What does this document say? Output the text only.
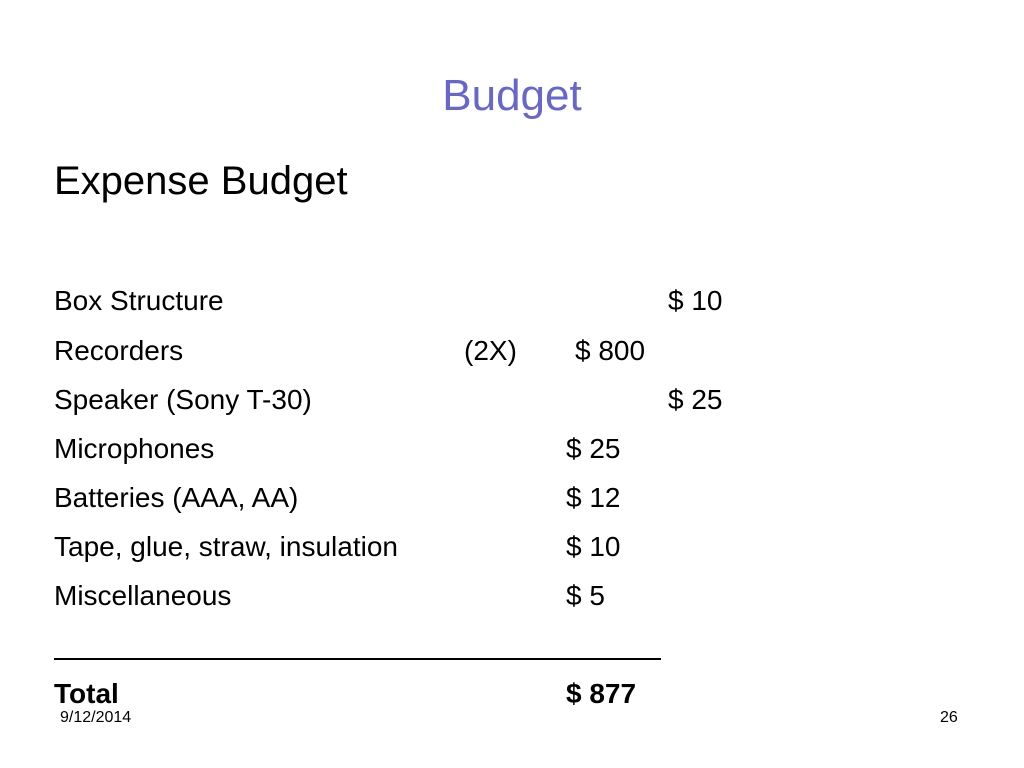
Budget
Expense Budget
Box Structure	$ 10
Recorders	(2X) $ 800
Speaker (Sony T-30)	$ 25
Microphones	$ 25
Batteries (AAA, AA)	$ 12
Tape, glue, straw, insulation	$ 10
Miscellaneous	$ 5
Total	$ 877
9/12/2014	26
